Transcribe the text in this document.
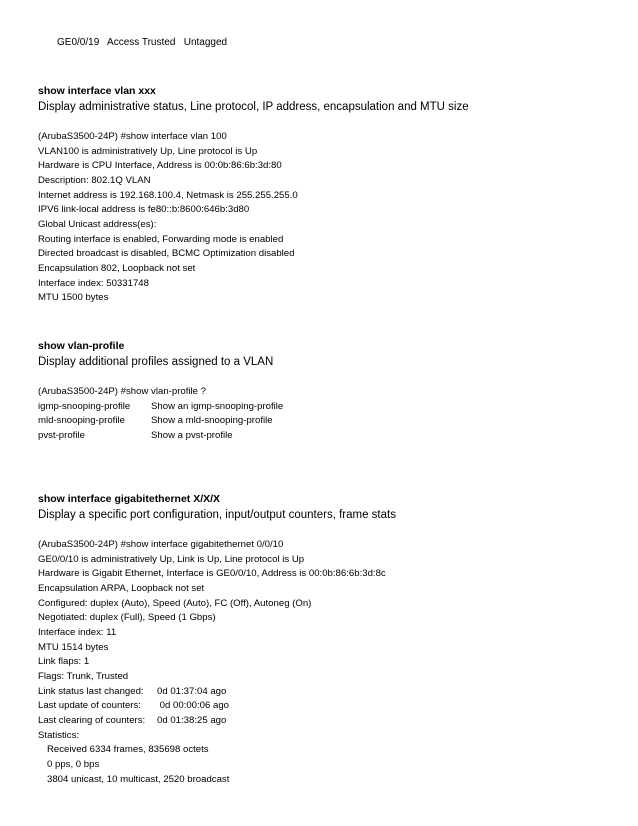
GE0/0/19   Access Trusted   Untagged
show interface vlan xxx
Display administrative status, Line protocol, IP address, encapsulation and MTU size
(ArubaS3500-24P) #show interface vlan 100
VLAN100 is administratively Up, Line protocol is Up
Hardware is CPU Interface, Address is 00:0b:86:6b:3d:80
Description: 802.1Q VLAN
Internet address is 192.168.100.4, Netmask is 255.255.255.0
IPV6 link-local address is fe80::b:8600:646b:3d80
Global Unicast address(es):
Routing interface is enabled, Forwarding mode is enabled
Directed broadcast is disabled, BCMC Optimization disabled
Encapsulation 802, Loopback not set
Interface index: 50331748
MTU 1500 bytes
show vlan-profile
Display additional profiles assigned to a VLAN
(ArubaS3500-24P) #show vlan-profile ?
igmp-snooping-profile	Show an igmp-snooping-profile
mld-snooping-profile	Show a mld-snooping-profile
pvst-profile	Show a pvst-profile
show interface gigabitethernet X/X/X
Display a specific port configuration, input/output counters, frame stats
(ArubaS3500-24P) #show interface gigabitethernet 0/0/10
GE0/0/10 is administratively Up, Link is Up, Line protocol is Up
Hardware is Gigabit Ethernet, Interface is GE0/0/10, Address is 00:0b:86:6b:3d:8c
Encapsulation ARPA, Loopback not set
Configured: duplex (Auto), Speed (Auto), FC (Off), Autoneg (On)
Negotiated: duplex (Full), Speed (1 Gbps)
Interface index: 11
MTU 1514 bytes
Link flaps: 1
Flags: Trunk, Trusted
Link status last changed:	0d 01:37:04 ago
Last update of counters:	0d 00:00:06 ago
Last clearing of counters:	0d 01:38:25 ago
Statistics:
Received 6334 frames, 835698 octets
0 pps, 0 bps
3804 unicast, 10 multicast, 2520 broadcast
